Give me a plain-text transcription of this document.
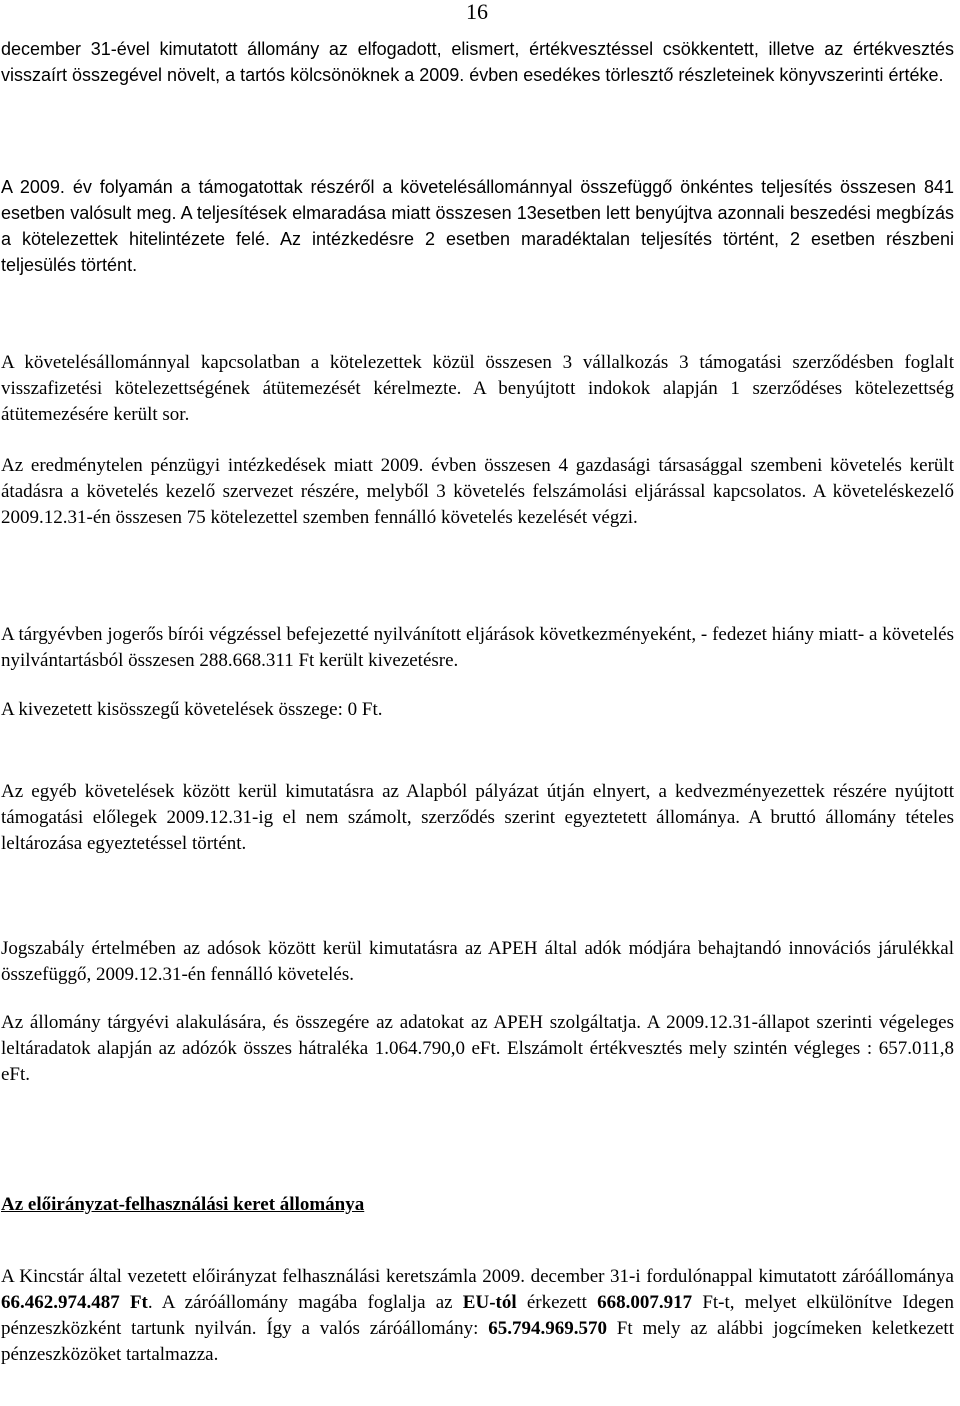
16

december 31-ével kimutatott állomány az elfogadott, elismert, értékvesztéssel csökkentett, illetve az értékvesztés visszaírt összegével növelt, a tartós kölcsönöknek a 2009. évben esedékes törlesztő részleteinek könyvszerinti értéke.

A 2009. év folyamán a támogatottak részéről a követelésállománnyal összefüggő önkéntes teljesítés összesen 841 esetben valósult meg. A teljesítések elmaradása miatt összesen 13esetben lett benyújtva azonnali beszedési megbízás a kötelezettek hitelintézete felé. Az intézkedésre 2 esetben maradéktalan teljesítés történt, 2 esetben részbeni teljesülés történt.

A követelésállománnyal kapcsolatban a kötelezettek közül összesen 3 vállalkozás 3 támogatási szerződésben foglalt visszafizetési kötelezettségének átütemezését kérelmezte. A benyújtott indokok alapján 1 szerződéses kötelezettség átütemezésére került sor.

Az eredménytelen pénzügyi intézkedések miatt 2009. évben összesen 4 gazdasági társasággal szembeni követelés került átadásra a követelés kezelő szervezet részére, melyből 3 követelés felszámolási eljárással kapcsolatos. A követeléskezelő 2009.12.31-én összesen 75 kötelezettel szemben fennálló követelés kezelését végzi.

A tárgyévben jogerős bírói végzéssel befejezetté nyilvánított eljárások következményeként, - fedezet hiány miatt- a követelés nyilvántartásból összesen 288.668.311 Ft került kivezetésre.

A kivezetett kisösszegű követelések összege: 0 Ft.

Az egyéb követelések között kerül kimutatásra az Alapból pályázat útján elnyert, a kedvezményezettek részére nyújtott támogatási előlegek 2009.12.31-ig el nem számolt, szerződés szerint egyeztetett állománya. A bruttó állomány tételes leltározása egyeztetéssel történt.

Jogszabály értelmében az adósok között kerül kimutatásra az APEH által adók módjára behajtandó innovációs járulékkal összefüggő, 2009.12.31-én fennálló követelés.

Az állomány tárgyévi alakulására, és összegére az adatokat az APEH szolgáltatja. A 2009.12.31-állapot szerinti végeleges leltáradatok alapján az adózók összes hátraléka 1.064.790,0 eFt. Elszámolt értékvesztés mely szintén végleges : 657.011,8 eFt.

Az előirányzat-felhasználási keret állománya

A Kincstár által vezetett előirányzat felhasználási keretszámla 2009. december 31-i fordulónappal kimutatott záróállománya 66.462.974.487 Ft. A záróállomány magába foglalja az EU-tól érkezett 668.007.917 Ft-t, melyet elkülönítve Idegen pénzeszközként tartunk nyilván. Így a valós záróállomány: 65.794.969.570 Ft mely az alábbi jogcímeken keletkezett pénzeszközöket tartalmazza.
